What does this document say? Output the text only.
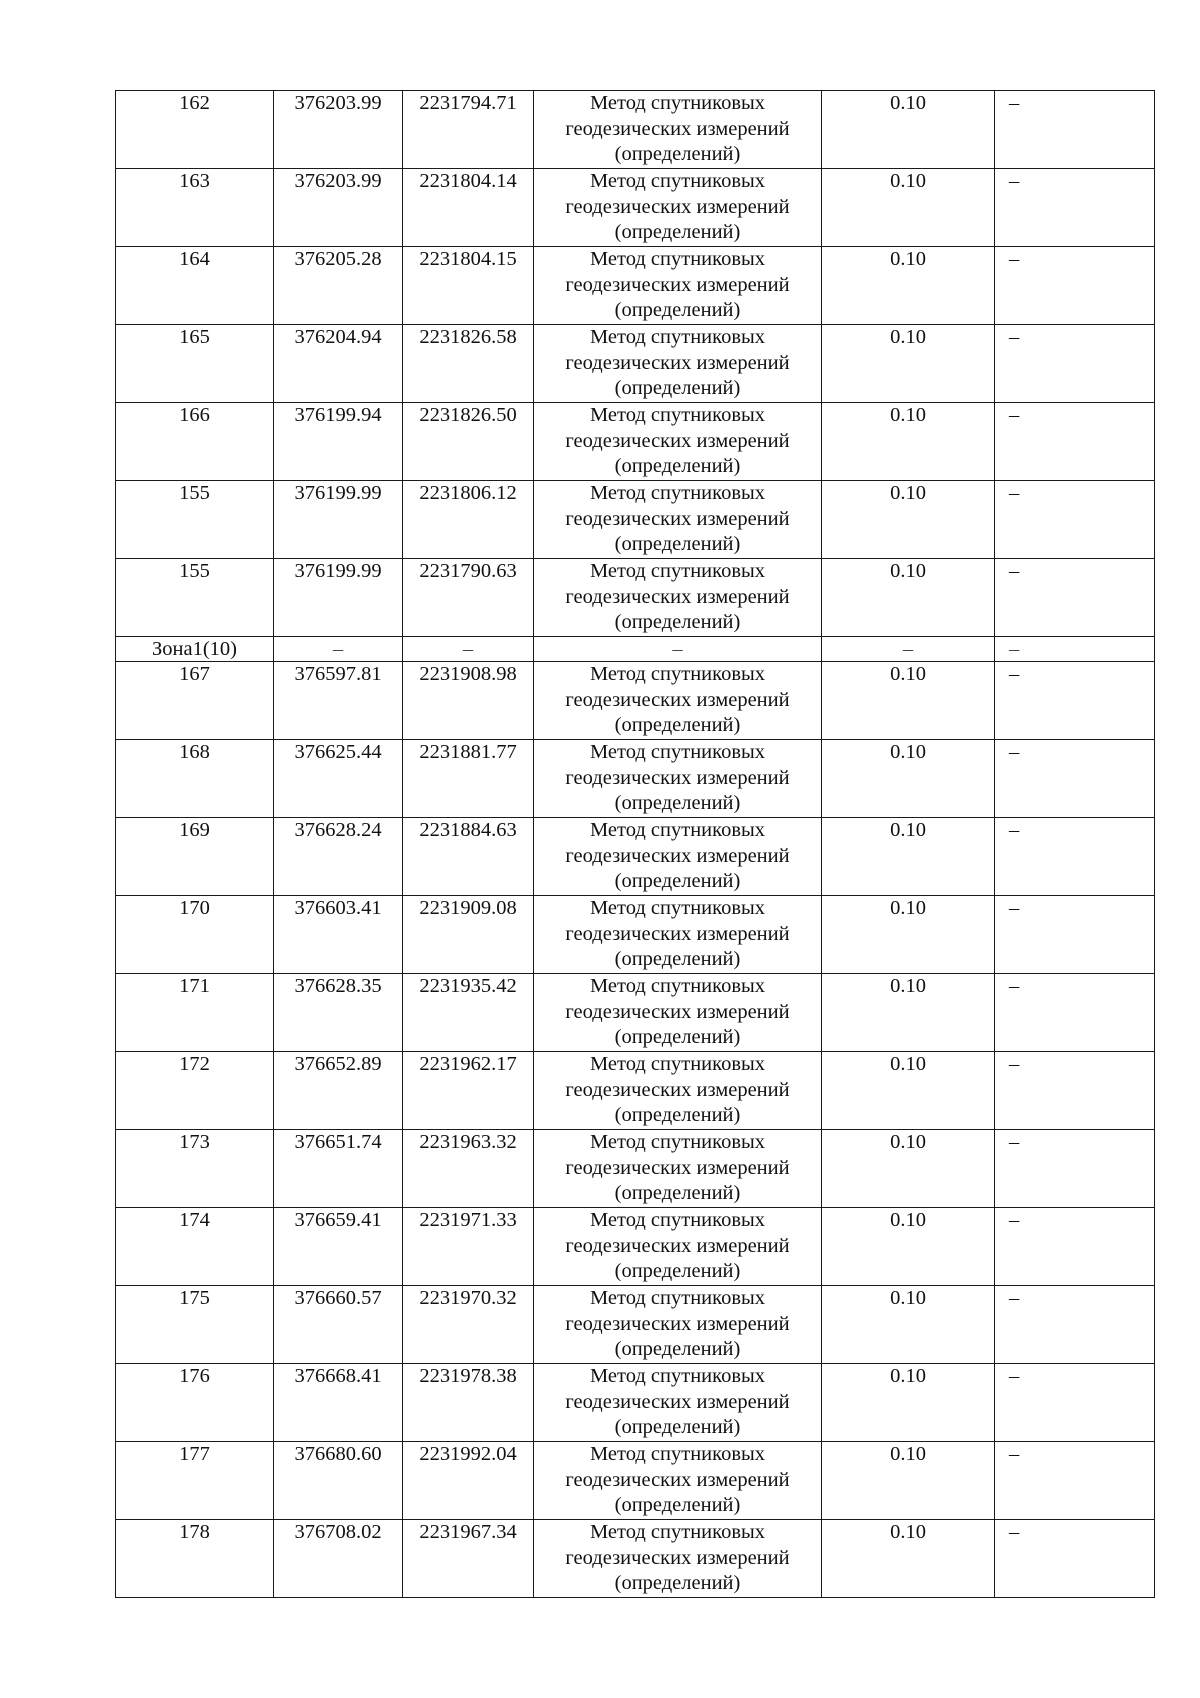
162	376203.99	2231794.71	Метод спутниковых
геодезических измерений
(определений)	0.10	–
163	376203.99	2231804.14	Метод спутниковых
геодезических измерений
(определений)	0.10	–
164	376205.28	2231804.15	Метод спутниковых
геодезических измерений
(определений)	0.10	–
165	376204.94	2231826.58	Метод спутниковых
геодезических измерений
(определений)	0.10	–
166	376199.94	2231826.50	Метод спутниковых
геодезических измерений
(определений)	0.10	–
155	376199.99	2231806.12	Метод спутниковых
геодезических измерений
(определений)	0.10	–
155	376199.99	2231790.63	Метод спутниковых
геодезических измерений
(определений)	0.10	–
Зона1(10)	–	–	–	–	–
167	376597.81	2231908.98	Метод спутниковых
геодезических измерений
(определений)	0.10	–
168	376625.44	2231881.77	Метод спутниковых
геодезических измерений
(определений)	0.10	–
169	376628.24	2231884.63	Метод спутниковых
геодезических измерений
(определений)	0.10	–
170	376603.41	2231909.08	Метод спутниковых
геодезических измерений
(определений)	0.10	–
171	376628.35	2231935.42	Метод спутниковых
геодезических измерений
(определений)	0.10	–
172	376652.89	2231962.17	Метод спутниковых
геодезических измерений
(определений)	0.10	–
173	376651.74	2231963.32	Метод спутниковых
геодезических измерений
(определений)	0.10	–
174	376659.41	2231971.33	Метод спутниковых
геодезических измерений
(определений)	0.10	–
175	376660.57	2231970.32	Метод спутниковых
геодезических измерений
(определений)	0.10	–
176	376668.41	2231978.38	Метод спутниковых
геодезических измерений
(определений)	0.10	–
177	376680.60	2231992.04	Метод спутниковых
геодезических измерений
(определений)	0.10	–
178	376708.02	2231967.34	Метод спутниковых
геодезических измерений
(определений)	0.10	–
